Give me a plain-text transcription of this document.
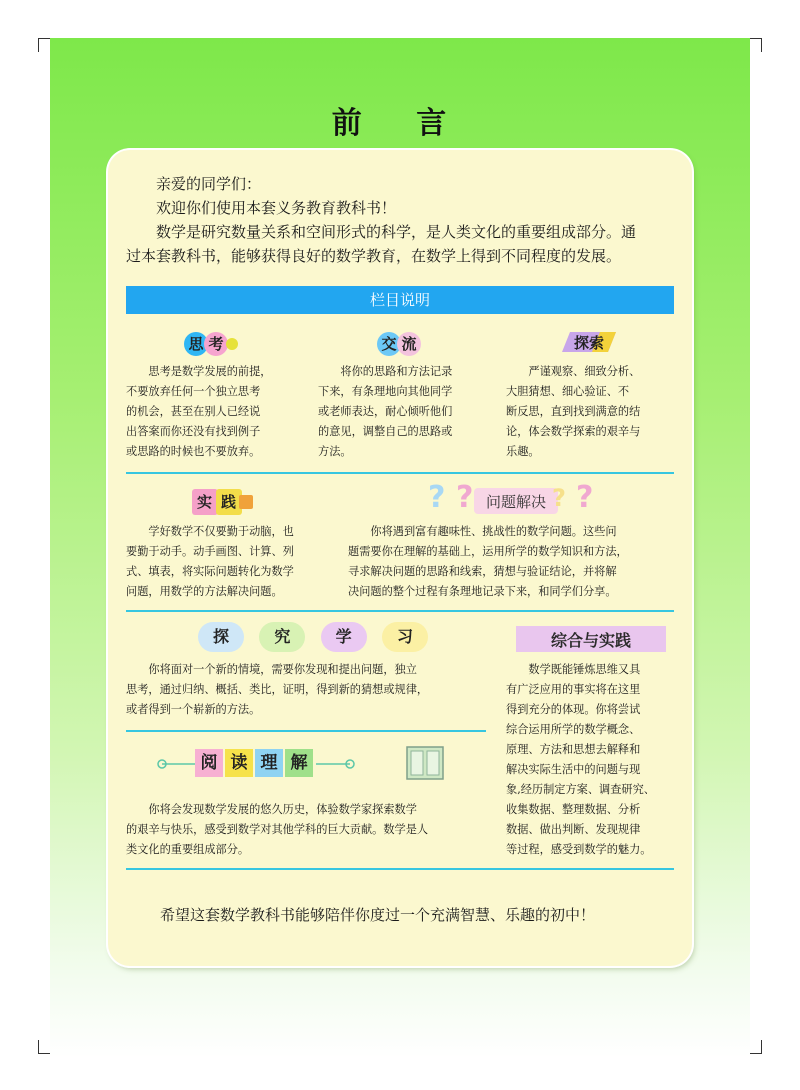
前 言
亲爱的同学们：
欢迎你们使用本套义务教育教科书！
数学是研究数量关系和空间形式的科学，是人类文化的重要组成部分。通
过本套教科书，能够获得良好的数学教育，在数学上得到不同程度的发展。
栏目说明
思 考

思考是数学发展的前提，

不要放弃任何一个独立思考

的机会，甚至在别人已经说

出答案而你还没有找到例子

或思路的时候也不要放弃。

交 流

将你的思路和方法记录

下来，有条理地向其他同学

或老师表达，耐心倾听他们

的意见，调整自己的思路或

方法。

探索

严谨观察、细致分析、

大胆猜想、细心验证、不

断反思，直到找到满意的结

论，体会数学探索的艰辛与

乐趣。

实 践

学好数学不仅要勤于动脑，也

要勤于动手。动手画图、计算、列

式、填表，将实际问题转化为数学

问题，用数学的方法解决问题。

? ? 问题解决 ? ?

你将遇到富有趣味性、挑战性的数学问题。这些问

题需要你在理解的基础上，运用所学的数学知识和方法，

寻求解决问题的思路和线索，猜想与验证结论，并将解

决问题的整个过程有条理地记录下来，和同学们分享。

探	究	学	习

你将面对一个新的情境，需要你发现和提出问题，独立

思考，通过归纳、概括、类比，证明，得到新的猜想或规律，

或者得到一个崭新的方法。

阅 读 理 解

你将会发现数学发展的悠久历史，体验数学家探索数学

的艰辛与快乐，感受到数学对其他学科的巨大贡献。数学是人

类文化的重要组成部分。

综合与实践

数学既能锤炼思维又具

有广泛应用的事实将在这里

得到充分的体现。你将尝试

综合运用所学的数学概念、

原理、方法和思想去解释和

解决实际生活中的问题与现

象,经历制定方案、调查研究、

收集数据、整理数据、分析

数据、做出判断、发现规律

等过程，感受到数学的魅力。

希望这套数学教科书能够陪伴你度过一个充满智慧、乐趣的初中！
